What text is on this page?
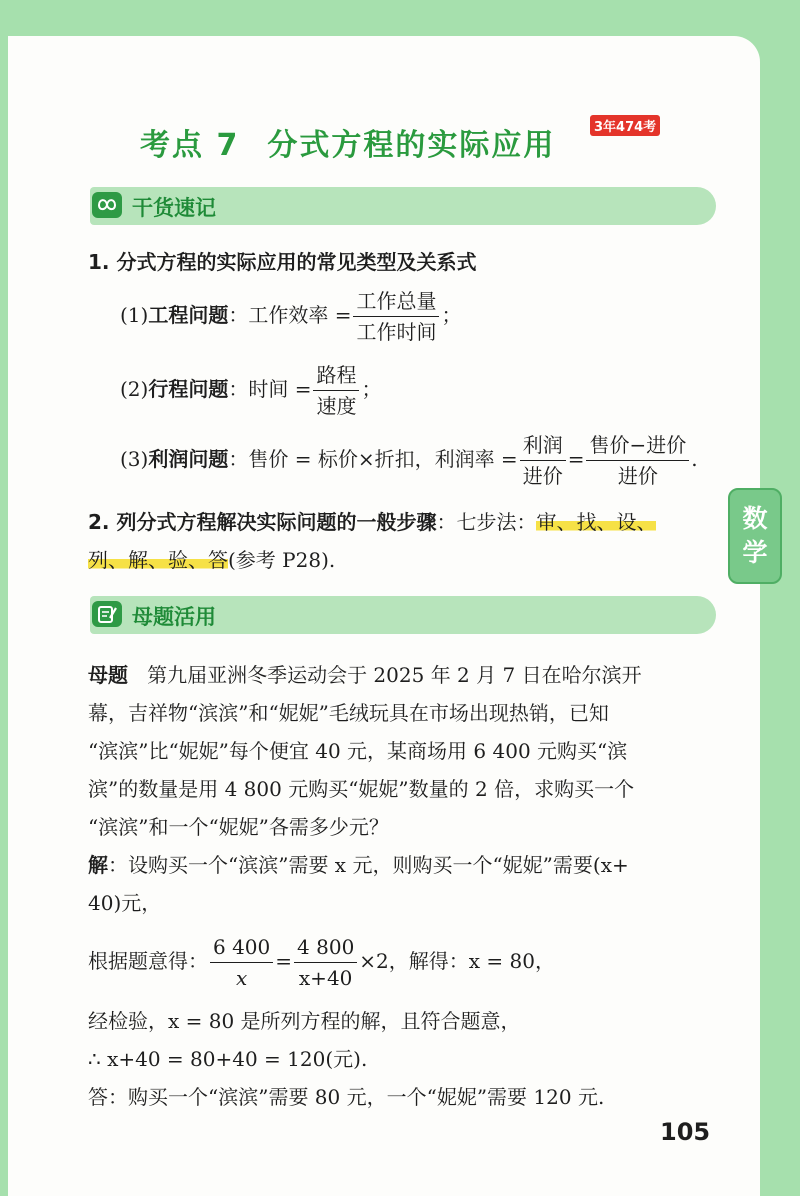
数
学
考点 7 分式方程的实际应用
3年474考
干货速记
1. 分式方程的实际应用的常见类型及关系式
(1)工程问题：工作效率 = $\frac{\text{工作总量}}{\text{工作时间}}$ ；
(2)行程问题：时间 = $\frac{\text{路程}}{\text{速度}}$ ；
(3)利润问题：售价 = 标价×折扣，利润率 = $\frac{\text{利润}}{\text{进价}} = \frac{\text{售价−进价}}{\text{进价}}$ .
2. 列分式方程解决实际问题的一般步骤：七步法：审、找、设、
列、解、验、答(参考 P28).
母题活用
母题 第九届亚洲冬季运动会于 2025 年 2 月 7 日在哈尔滨开
幕，吉祥物“滨滨”和“妮妮”毛绒玩具在市场出现热销，已知
“滨滨”比“妮妮”每个便宜 40 元，某商场用 6 400 元购买“滨
滨”的数量是用 4 800 元购买“妮妮”数量的 2 倍，求购买一个
“滨滨”和一个“妮妮”各需多少元？
解：设购买一个“滨滨”需要 x 元，则购买一个“妮妮”需要(x+
40)元，
根据题意得： $\frac{6 400}{x} = \frac{4 800}{x+40} \times 2$，解得：x = 80，
经检验，x = 80 是所列方程的解，且符合题意，
∴ x+40 = 80+40 = 120(元).
答：购买一个“滨滨”需要 80 元，一个“妮妮”需要 120 元.
105
